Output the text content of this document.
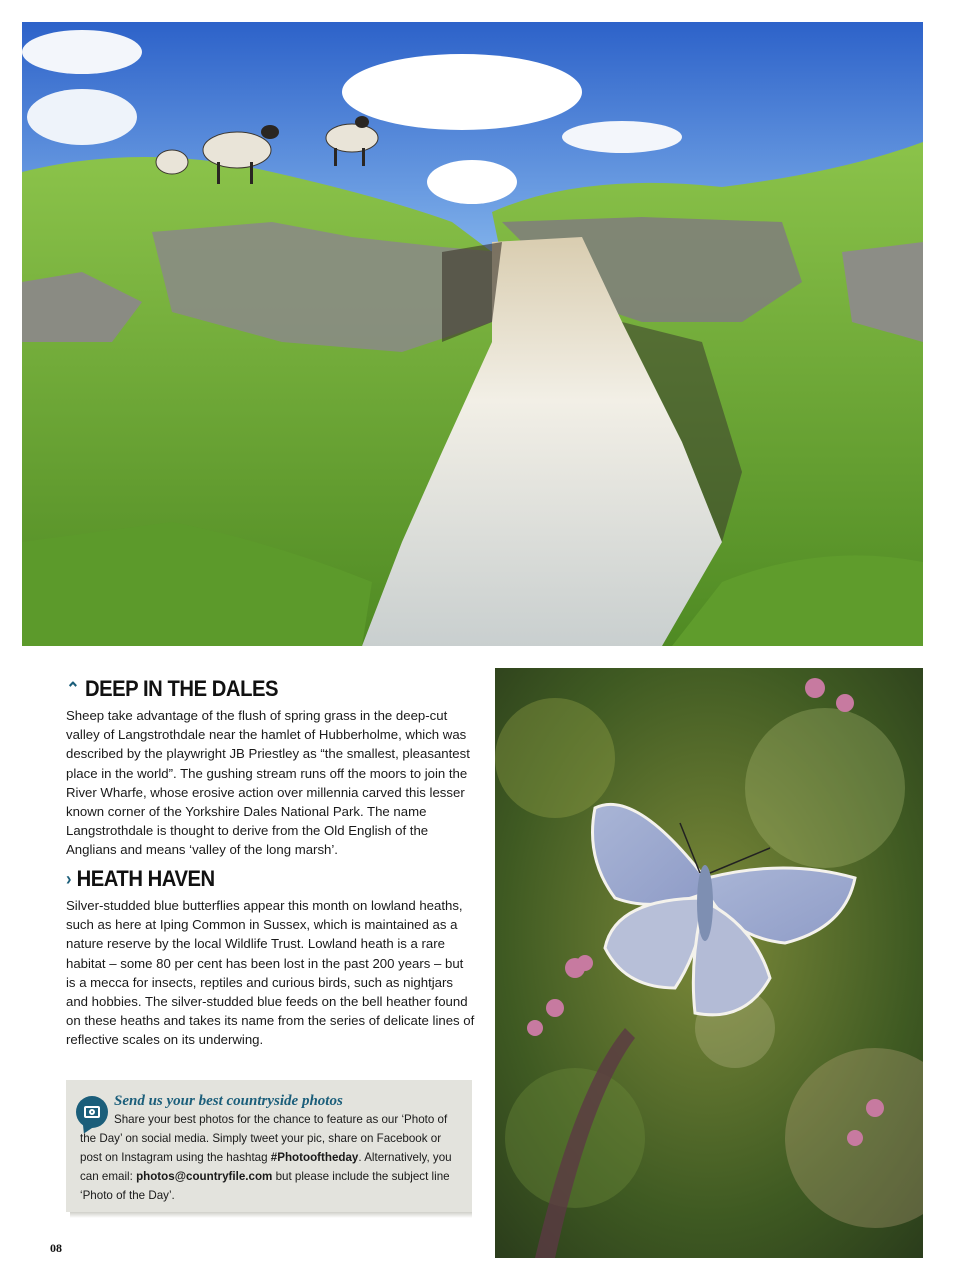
⌃ DEEP IN THE DALES

Sheep take advantage of the flush of spring grass in the deep-cut valley of Langstrothdale near the hamlet of Hubberholme, which was described by the playwright JB Priestley as “the smallest, pleasantest place in the world”. The gushing stream runs off the moors to join the River Wharfe, whose erosive action over millennia carved this lesser known corner of the Yorkshire Dales National Park. The name Langstrothdale is thought to derive from the Old English of the Anglians and means ‘valley of the long marsh’.

› HEATH HAVEN

Silver-studded blue butterflies appear this month on lowland heaths, such as here at Iping Common in Sussex, which is maintained as a nature reserve by the local Wildlife Trust. Lowland heath is a rare habitat – some 80 per cent has been lost in the past 200 years – but is a mecca for insects, reptiles and curious birds, such as nightjars and hobbies. The silver-studded blue feeds on the bell heather found on these heaths and takes its name from the series of delicate lines of reflective scales on its underwing.

Send us your best countryside photos
Share your best photos for the chance to feature as our ‘Photo of the Day’ on social media. Simply tweet your pic, share on Facebook or post on Instagram using the hashtag #Photooftheday. Alternatively, you can email: photos@countryfile.com but please include the subject line ‘Photo of the Day’.
08
